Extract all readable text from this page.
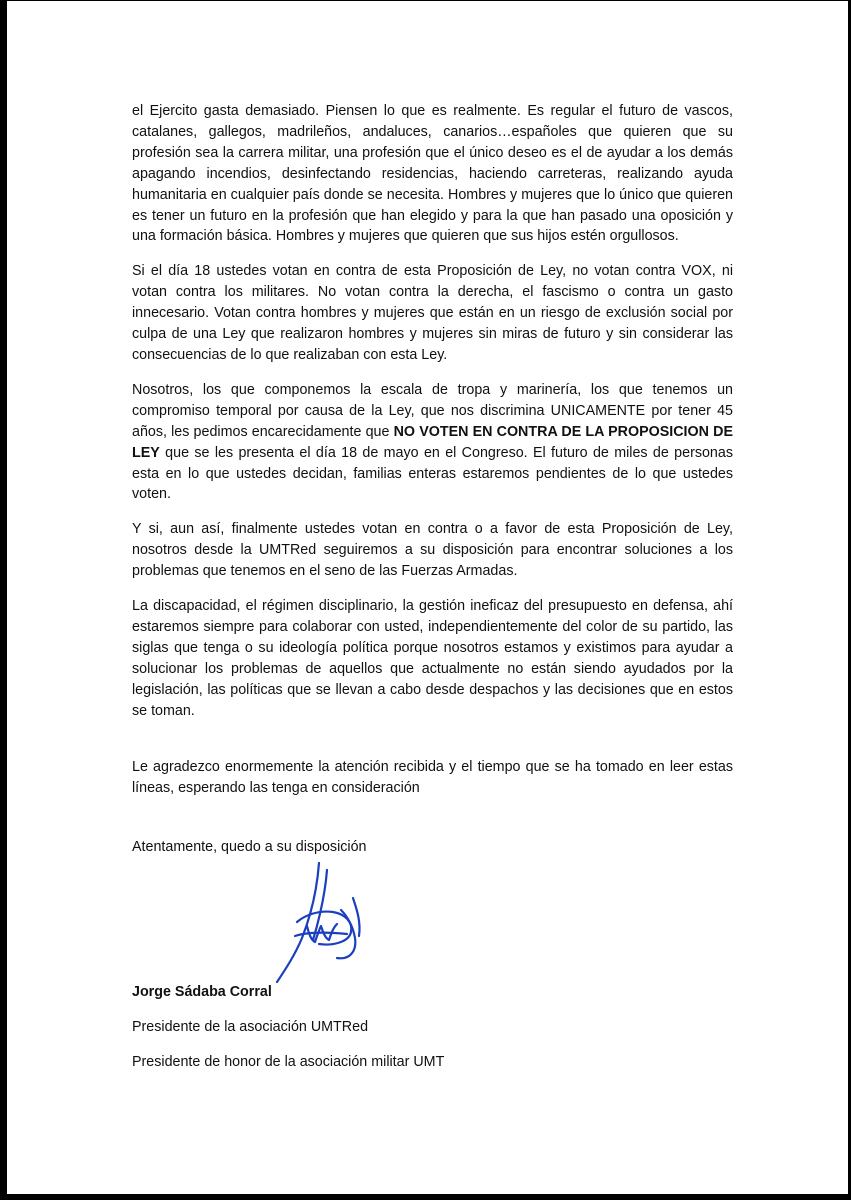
el Ejercito gasta demasiado. Piensen lo que es realmente. Es regular el futuro de vascos, catalanes, gallegos, madrileños, andaluces, canarios…españoles que quieren que su profesión sea la carrera militar, una profesión que el único deseo es el de ayudar a los demás apagando incendios, desinfectando residencias, haciendo carreteras, realizando ayuda humanitaria en cualquier país donde se necesita. Hombres y mujeres que lo único que quieren es tener un futuro en la profesión que han elegido y para la que han pasado una oposición y una formación básica. Hombres y mujeres que quieren que sus hijos estén orgullosos.

Si el día 18 ustedes votan en contra de esta Proposición de Ley, no votan contra VOX, ni votan contra los militares. No votan contra la derecha, el fascismo o contra un gasto innecesario. Votan contra hombres y mujeres que están en un riesgo de exclusión social por culpa de una Ley que realizaron hombres y mujeres sin miras de futuro y sin considerar las consecuencias de lo que realizaban con esta Ley.

Nosotros, los que componemos la escala de tropa y marinería, los que tenemos un compromiso temporal por causa de la Ley, que nos discrimina UNICAMENTE por tener 45 años, les pedimos encarecidamente que NO VOTEN EN CONTRA DE LA PROPOSICION DE LEY que se les presenta el día 18 de mayo en el Congreso. El futuro de miles de personas esta en lo que ustedes decidan, familias enteras estaremos pendientes de lo que ustedes voten.

Y si, aun así, finalmente ustedes votan en contra o a favor de esta Proposición de Ley, nosotros desde la UMTRed seguiremos a su disposición para encontrar soluciones a los problemas que tenemos en el seno de las Fuerzas Armadas.

La discapacidad, el régimen disciplinario, la gestión ineficaz del presupuesto en defensa, ahí estaremos siempre para colaborar con usted, independientemente del color de su partido, las siglas que tenga o su ideología política porque nosotros estamos y existimos para ayudar a solucionar los problemas de aquellos que actualmente no están siendo ayudados por la legislación, las políticas que se llevan a cabo desde despachos y las decisiones que en estos se toman.

Le agradezco enormemente la atención recibida y el tiempo que se ha tomado en leer estas líneas, esperando las tenga en consideración

Atentamente, quedo a su disposición

Jorge Sádaba Corral

Presidente de la asociación UMTRed

Presidente de honor de la asociación militar UMT
